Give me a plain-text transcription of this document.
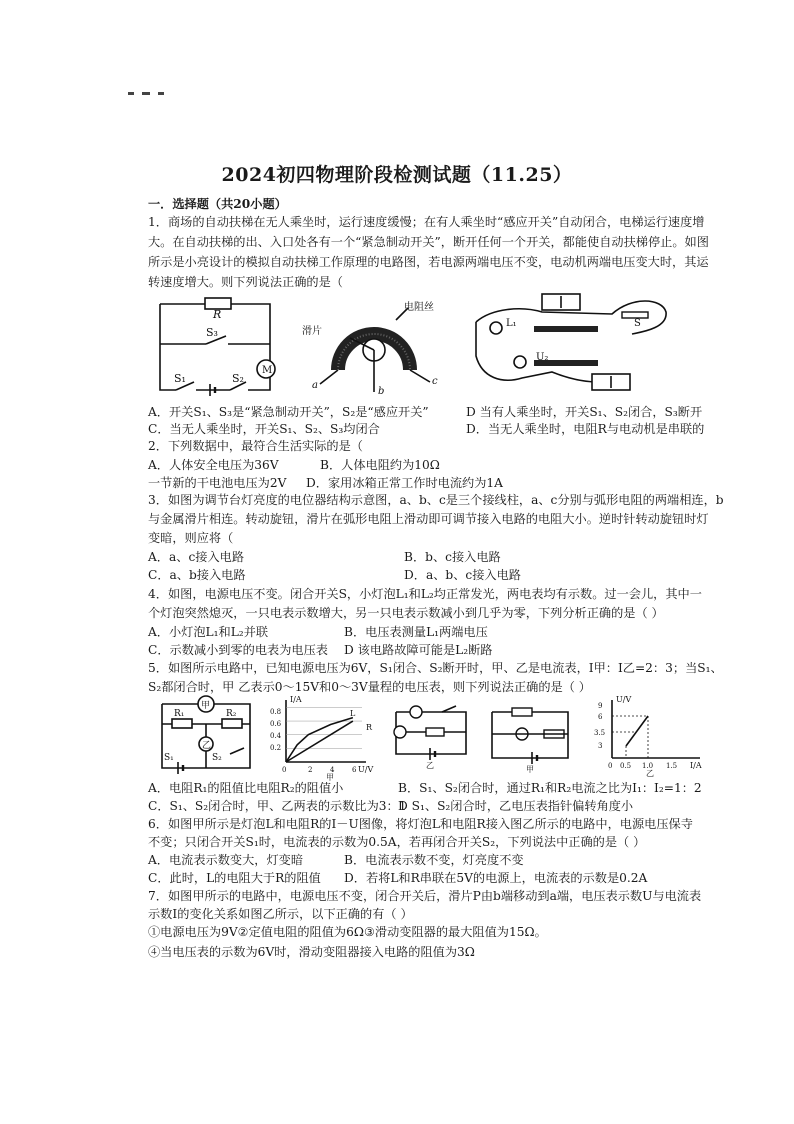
2024初四物理阶段检测试题（11.25）
一．选择题（共20小题）
1．商场的自动扶梯在无人乘坐时，运行速度缓慢；在有人乘坐时“感应开关”自动闭合，电梯运行速度增
大。在自动扶梯的出、入口处各有一个“紧急制动开关”，断开任何一个开关，都能使自动扶梯停止。如图
所示是小亮设计的模拟自动扶梯工作原理的电路图，若电源两端电压不变，电动机两端电压变大时，其运
转速度增大。则下列说法正确的是（
R
S₃
M
S₁	S₂
电阻丝
滑片
a
b
c
L₁
U₂
S
A．开关S₁、S₃是“紧急制动开关”，S₂是“感应开关”	D 当有人乘坐时，开关S₁、S₂闭合，S₃断开
C．当无人乘坐时，开关S₁、S₂、S₃均闭合	D．当无人乘坐时，电阻R与电动机是串联的
2．下列数据中，最符合生活实际的是（
A．人体安全电压为36V	B．人体电阻约为10Ω
一节新的干电池电压为2V D．家用冰箱正常工作时电流约为1A
3．如图为调节台灯亮度的电位器结构示意图，a、b、c是三个接线柱，a、c分别与弧形电阻的两端相连，b
与金属滑片相连。转动旋钮，滑片在弧形电阻上滑动即可调节接入电路的电阻大小。逆时针转动旋钮时灯
变暗，则应将（
A．a、c接入电路	B．b、c接入电路
C．a、b接入电路	D．a、b、c接入电路
4．如图，电源电压不变。闭合开关S，小灯泡L₁和L₂均正常发光，两电表均有示数。过一会儿，其中一
个灯泡突然熄灭，一只电表示数增大，另一只电表示数减小到几乎为零，下列分析正确的是（ ）
A．小灯泡L₁和L₂并联	B．电压表测量L₁两端电压
C．示数减小到零的电表为电压表 D 该电路故障可能是L₂断路
5．如图所示电路中，已知电源电压为6V，S₁闭合、S₂断开时，甲、乙是电流表，I甲：I乙=2：3；当S₁、
S₂都闭合时，甲 乙表示0～15V和0～3V量程的电压表，则下列说法正确的是（ ）
甲
乙
R₁	R₂
S₂
S₁
I/A
U/V
0.8
0.6
0.4
0.2
0	2	4	6
L
R
甲
乙	甲
U/V
I/A
9
6
3.5
3
0 0.5 1.0 1.5
乙
A．电阻R₁的阻值比电阻R₂的阻值小	B．S₁、S₂闭合时，通过R₁和R₂电流之比为I₁：I₂=1：2
C．S₁、S₂闭合时，甲、乙两表的示数比为3：1
D S₁、S₂闭合时，乙电压表指针偏转角度小
6．如图甲所示是灯泡L和电阻R的I－U图像，将灯泡L和电阻R接入图乙所示的电路中，电源电压保寺
不变；只闭合开关S₁时，电流表的示数为0.5A，若再闭合开关S₂，下列说法中正确的是（ ）
A．电流表示数变大，灯变暗	B．电流表示数不变，灯亮度不变
C．此时，L的电阻大于R的阻值 D．若将L和R串联在5V的电源上，电流表的示数是0.2A
7．如图甲所示的电路中，电源电压不变，闭合开关后，滑片P由b端移动到a端，电压表示数U与电流表
示数I的变化关系如图乙所示，以下正确的有（ ）
①电源电压为9V②定值电阻的阻值为6Ω③滑动变阻器的最大阻值为15Ω。
④当电压表的示数为6V时，滑动变阻器接入电路的阻值为3Ω
